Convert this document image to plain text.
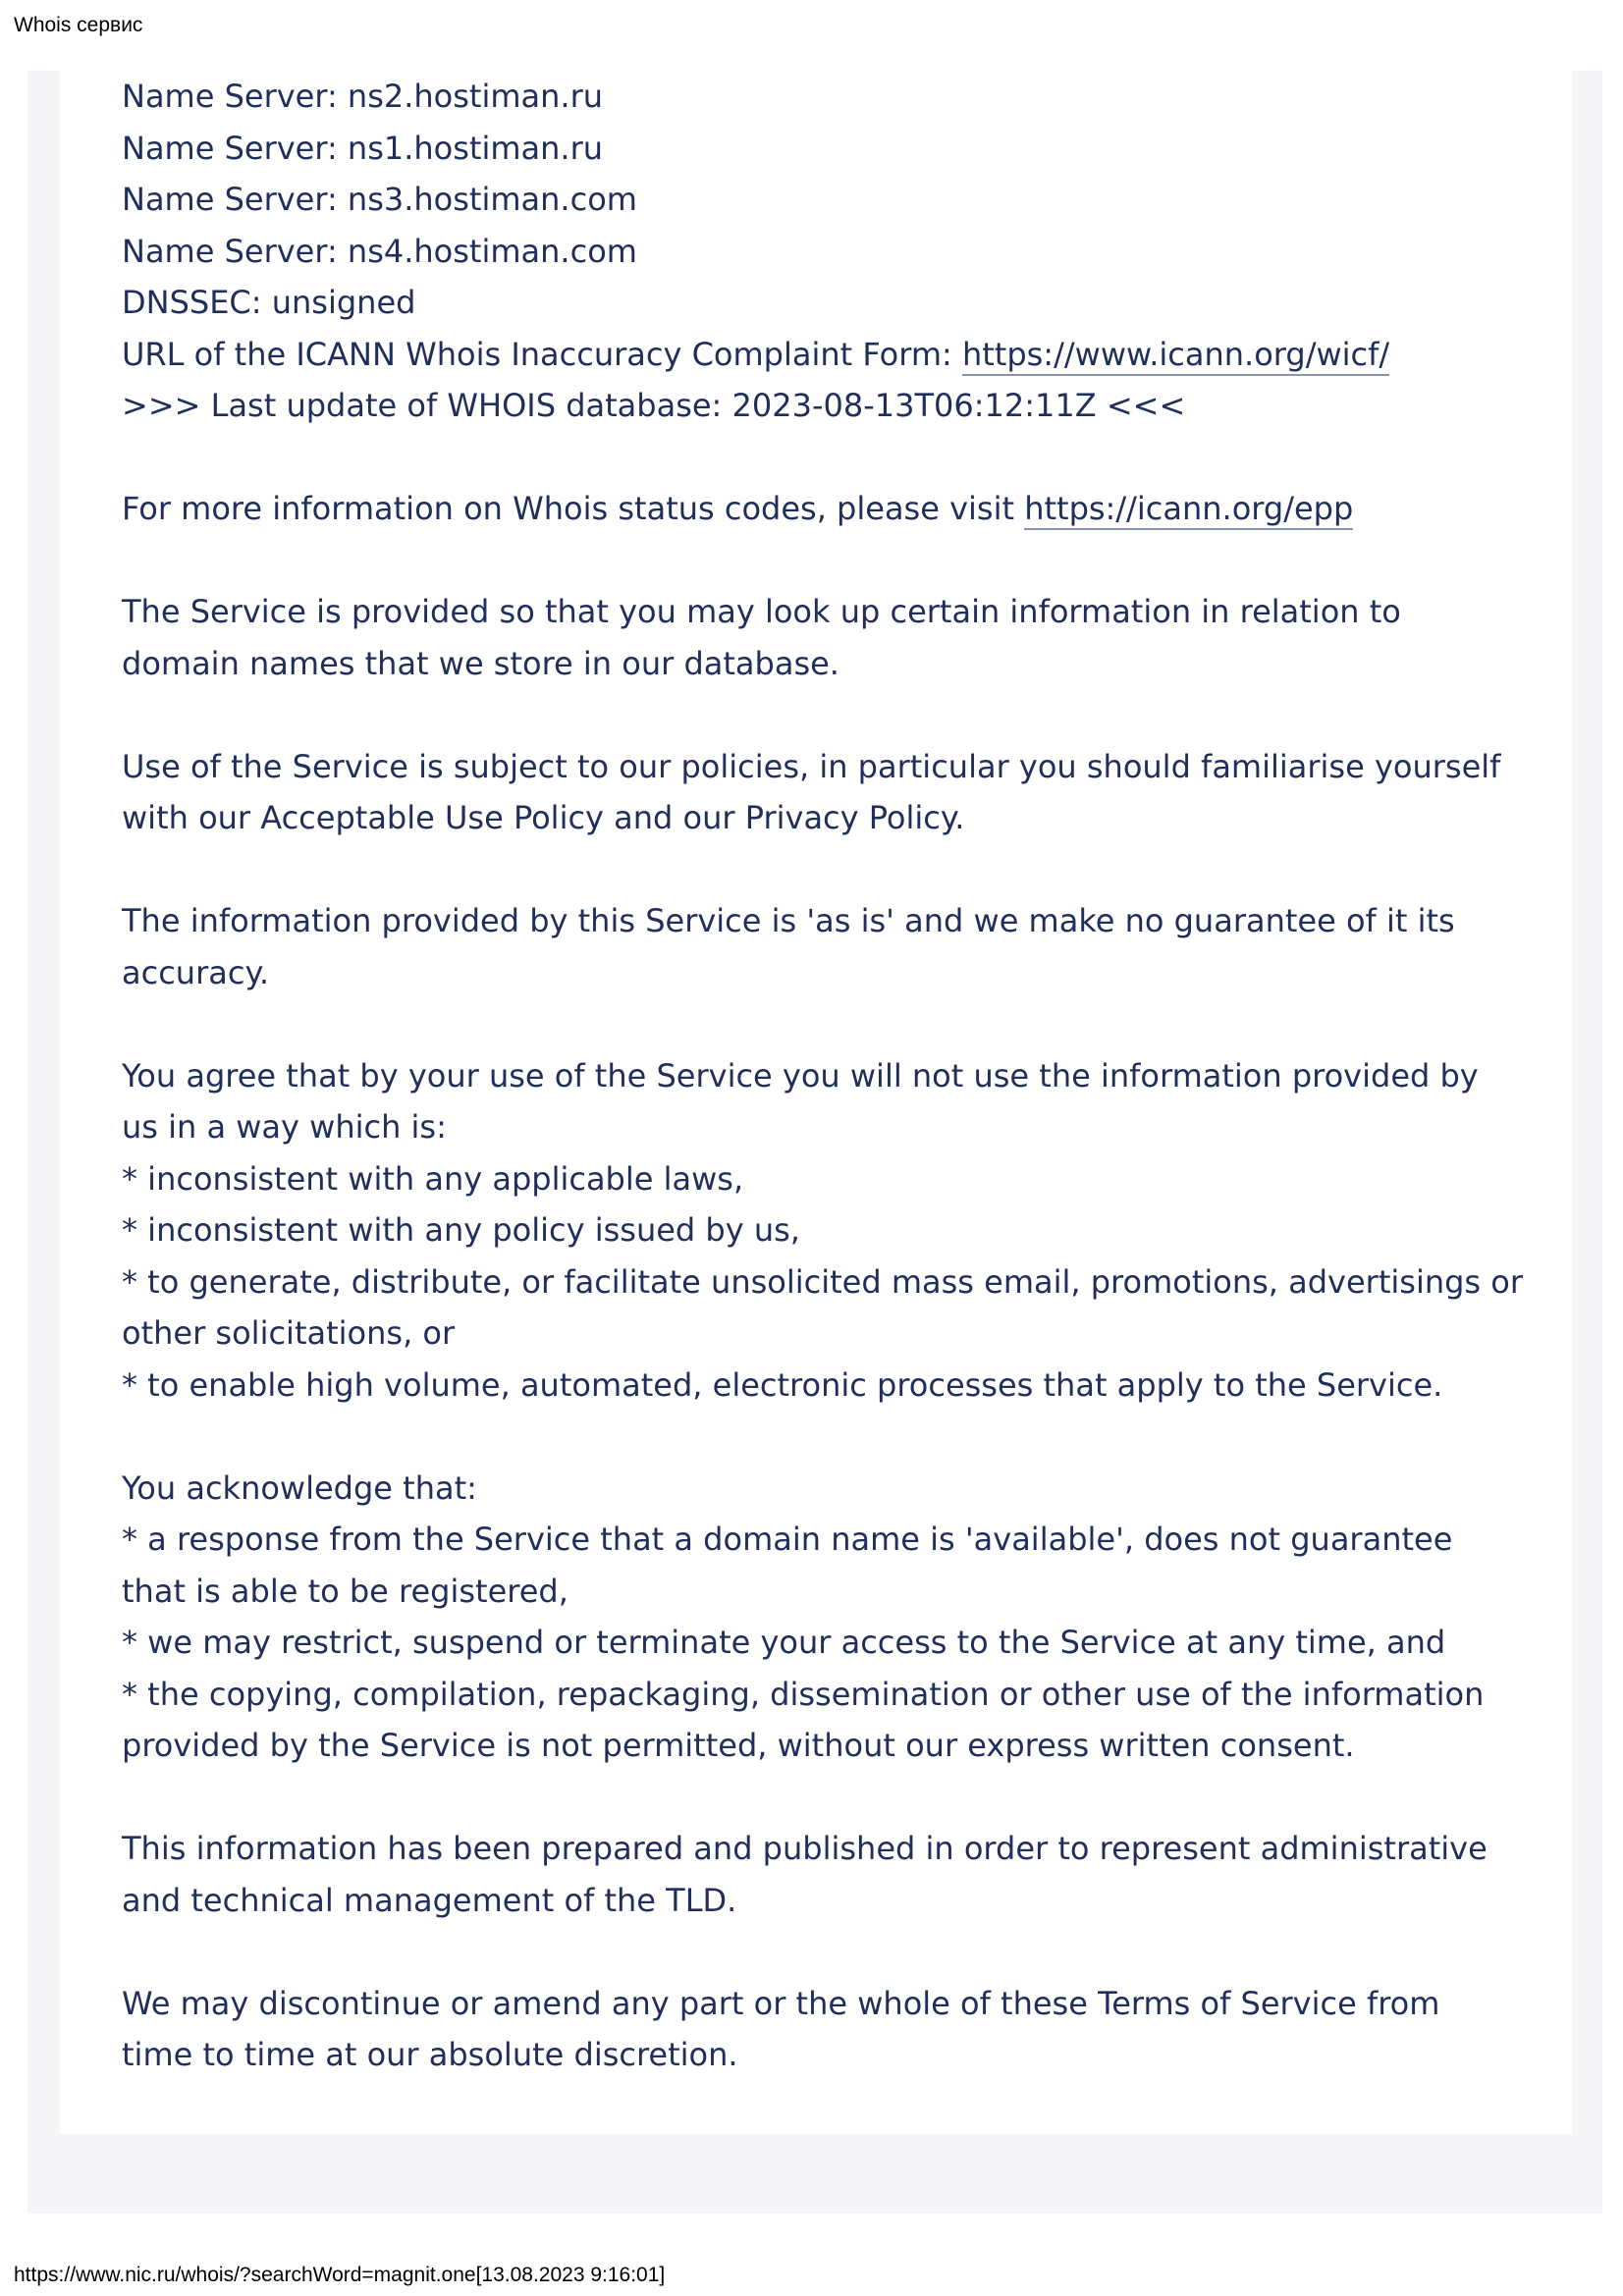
Whois сервис
Name Server: ns2.hostiman.ru
Name Server: ns1.hostiman.ru
Name Server: ns3.hostiman.com
Name Server: ns4.hostiman.com
DNSSEC: unsigned
URL of the ICANN Whois Inaccuracy Complaint Form: https://www.icann.org/wicf/
>>> Last update of WHOIS database: 2023-08-13T06:12:11Z <<<
For more information on Whois status codes, please visit https://icann.org/epp
The Service is provided so that you may look up certain information in relation to
domain names that we store in our database.
Use of the Service is subject to our policies, in particular you should familiarise yourself
with our Acceptable Use Policy and our Privacy Policy.
The information provided by this Service is 'as is' and we make no guarantee of it its
accuracy.
You agree that by your use of the Service you will not use the information provided by
us in a way which is:
* inconsistent with any applicable laws,
* inconsistent with any policy issued by us,
* to generate, distribute, or facilitate unsolicited mass email, promotions, advertisings or
other solicitations, or
* to enable high volume, automated, electronic processes that apply to the Service.
You acknowledge that:
* a response from the Service that a domain name is 'available', does not guarantee
that is able to be registered,
* we may restrict, suspend or terminate your access to the Service at any time, and
* the copying, compilation, repackaging, dissemination or other use of the information
provided by the Service is not permitted, without our express written consent.
This information has been prepared and published in order to represent administrative
and technical management of the TLD.
We may discontinue or amend any part or the whole of these Terms of Service from
time to time at our absolute discretion.
https://www.nic.ru/whois/?searchWord=magnit.one[13.08.2023 9:16:01]
